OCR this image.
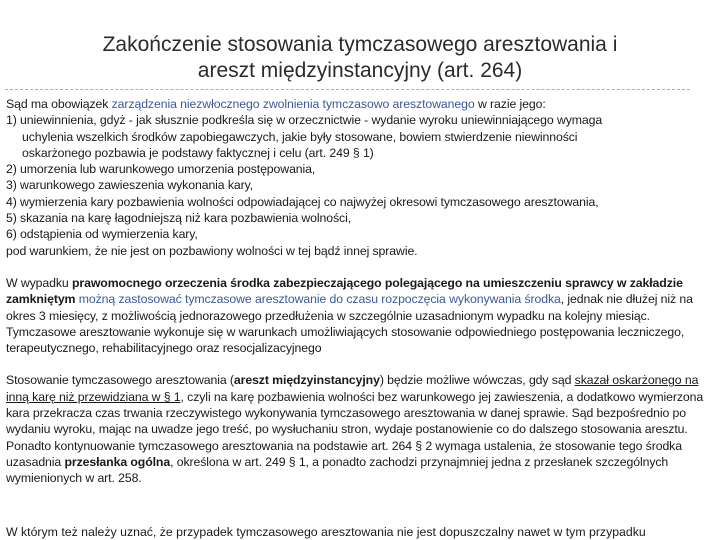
Zakończenie stosowania tymczasowego aresztowania i
areszt międzyinstancyjny (art. 264)

Sąd ma obowiązek zarządzenia niezwłocznego zwolnienia tymczasowo aresztowanego w razie jego:

1) uniewinnienia, gdyż - jak słusznie podkreśla się w orzecznictwie - wydanie wyroku uniewinniającego wymaga

uchylenia wszelkich środków zapobiegawczych, jakie były stosowane, bowiem stwierdzenie niewinności

oskarżonego pozbawia je podstawy faktycznej i celu (art. 249 § 1)

2) umorzenia lub warunkowego umorzenia postępowania,

3) warunkowego zawieszenia wykonania kary,

4) wymierzenia kary pozbawienia wolności odpowiadającej co najwyżej okresowi tymczasowego aresztowania,

5) skazania na karę łagodniejszą niż kara pozbawienia wolności,

6) odstąpienia od wymierzenia kary,

pod warunkiem, że nie jest on pozbawiony wolności w tej bądź innej sprawie.

W wypadku prawomocnego orzeczenia środka zabezpieczającego polegającego na umieszczeniu sprawcy w zakładzie zamkniętym możną zastosować tymczasowe aresztowanie do czasu rozpoczęcia wykonywania środka, jednak nie dłużej niż na okres 3 miesięcy, z możliwością jednorazowego przedłużenia w szczególnie uzasadnionym wypadku na kolejny miesiąc. Tymczasowe aresztowanie wykonuje się w warunkach umożliwiających stosowanie odpowiedniego postępowania leczniczego, terapeutycznego, rehabilitacyjnego oraz resocjalizacyjnego

Stosowanie tymczasowego aresztowania (areszt międzyinstancyjny) będzie możliwe wówczas, gdy sąd skazał oskarżonego na inną karę niż przewidziana w § 1, czyli na karę pozbawienia wolności bez warunkowego jej zawieszenia, a dodatkowo wymierzona kara przekracza czas trwania rzeczywistego wykonywania tymczasowego aresztowania w danej sprawie. Sąd bezpośrednio po wydaniu wyroku, mając na uwadze jego treść, po wysłuchaniu stron, wydaje postanowienie co do dalszego stosowania aresztu. Ponadto kontynuowanie tymczasowego aresztowania na podstawie art. 264 § 2 wymaga ustalenia, że stosowanie tego środka uzasadnia przesłanka ogólna, określona w art. 249 § 1, a ponadto zachodzi przynajmniej jedna z przesłanek szczególnych wymienionych w art. 258.

W którym też należy uznać, że przypadek tymczasowego aresztowania nie jest dopuszczalny nawet w tym przypadku
